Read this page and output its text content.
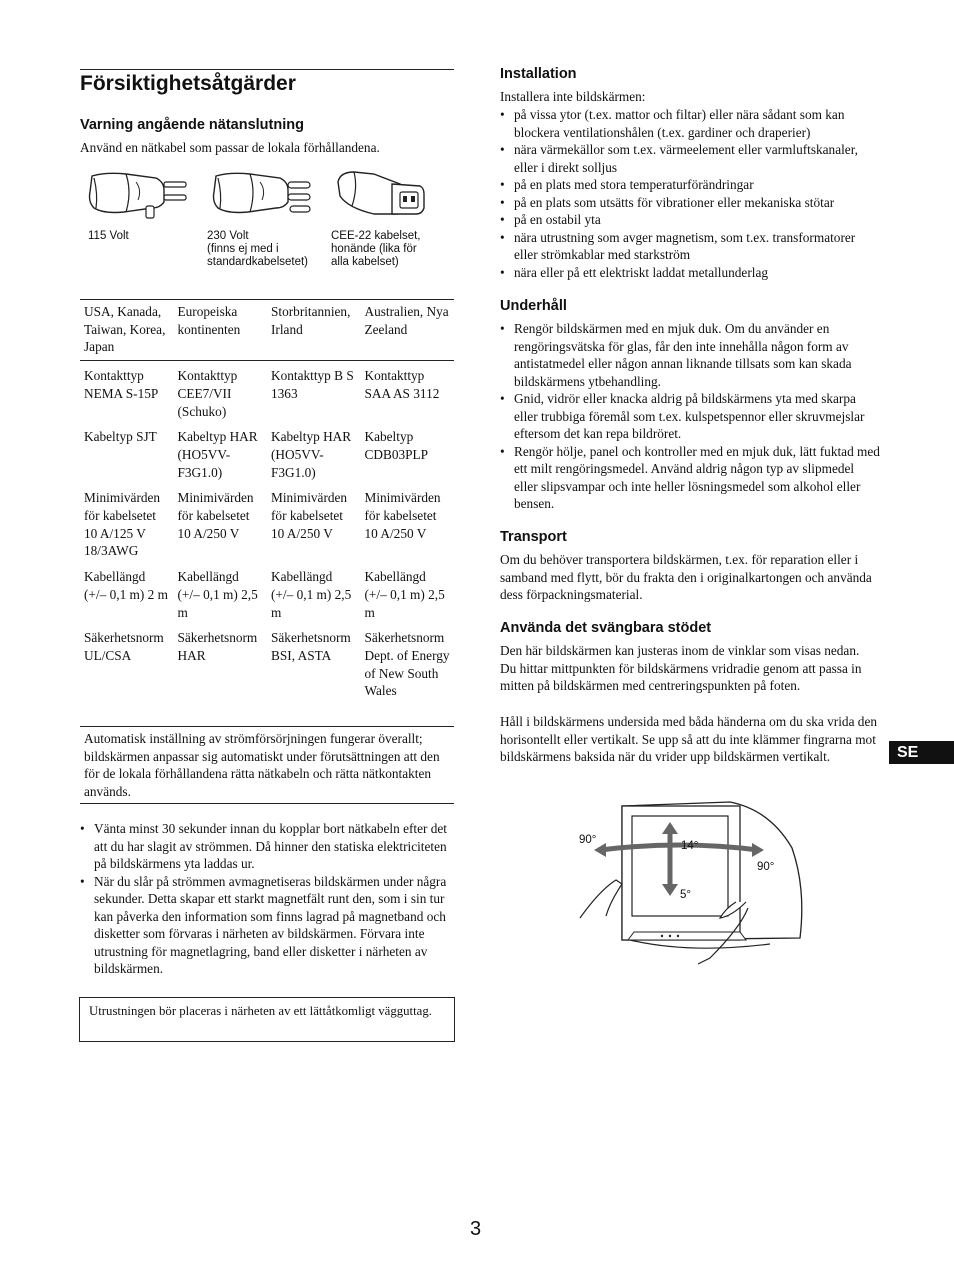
Försiktighetsåtgärder
Varning angående nätanslutning

Använd en nätkabel som passar de lokala förhållandena.

115 Volt	230 Volt
(finns ej med i
standardkabelsetet)
CEE-22 kabelset,
honände (lika för
alla kabelset)
USA, Kanada, Taiwan, Korea, Japan	Europeiska kontinenten	Storbritannien, Irland	Australien, Nya Zeeland
Kontakttyp NEMA S-15P	Kontakttyp CEE7/VII (Schuko)	Kontakttyp B S 1363	Kontakttyp SAA AS 3112
Kabeltyp SJT	Kabeltyp HAR (HO5VV-F3G1.0)	Kabeltyp HAR (HO5VV-F3G1.0)	Kabeltyp CDB03PLP
Minimivärden för kabelsetet 10 A/125 V 18/3AWG	Minimivärden för kabelsetet 10 A/250 V	Minimivärden för kabelsetet 10 A/250 V	Minimivärden för kabelsetet 10 A/250 V
Kabellängd (+/– 0,1 m) 2 m	Kabellängd (+/– 0,1 m) 2,5 m	Kabellängd (+/– 0,1 m) 2,5 m	Kabellängd (+/– 0,1 m) 2,5 m
Säkerhetsnorm UL/CSA	Säkerhetsnorm HAR	Säkerhetsnorm BSI, ASTA	Säkerhetsnorm Dept. of Energy of New South Wales

Automatisk inställning av strömförsörjningen fungerar överallt; bildskärmen anpassar sig automatiskt under förutsättningen att den för de lokala förhållandena rätta nätkabeln och rätta nätkontakten används.

• Vänta minst 30 sekunder innan du kopplar bort nätkabeln efter det att du har slagit av strömmen. Då hinner den statiska elektriciteten på bildskärmens yta laddas ur.
• När du slår på strömmen avmagnetiseras bildskärmen under några sekunder. Detta skapar ett starkt magnetfält runt den, som i sin tur kan påverka den information som finns lagrad på magnetband och disketter som förvaras i närheten av bildskärmen. Förvara inte utrustning för magnetlagring, band eller disketter i närheten av bildskärmen.

Utrustningen bör placeras i närheten av ett lättåtkomligt vägguttag.

Installation

Installera inte bildskärmen:

• på vissa ytor (t.ex. mattor och filtar) eller nära sådant som kan blockera ventilationshålen (t.ex. gardiner och draperier)
• nära värmekällor som t.ex. värmeelement eller varmluftskanaler, eller i direkt solljus
• på en plats med stora temperaturförändringar
• på en plats som utsätts för vibrationer eller mekaniska stötar
• på en ostabil yta
• nära utrustning som avger magnetism, som t.ex. transformatorer eller strömkablar med starkström
• nära eller på ett elektriskt laddat metallunderlag
Underhåll
• Rengör bildskärmen med en mjuk duk. Om du använder en rengöringsvätska för glas, får den inte innehålla någon form av antistatmedel eller någon annan liknande tillsats som kan skada bildskärmens ytbehandling.
• Gnid, vidrör eller knacka aldrig på bildskärmens yta med skarpa eller trubbiga föremål som t.ex. kulspetspennor eller skruvmejslar eftersom det kan repa bildröret.
• Rengör hölje, panel och kontroller med en mjuk duk, lätt fuktad med ett milt rengöringsmedel. Använd aldrig någon typ av slipmedel eller slipsvampar och inte heller lösningsmedel som alkohol eller bensen.
Transport

Om du behöver transportera bildskärmen, t.ex. för reparation eller i samband med flytt, bör du frakta den i originalkartongen och använda dess förpackningsmaterial.

Använda det svängbara stödet

Den här bildskärmen kan justeras inom de vinklar som visas nedan. Du hittar mittpunkten för bildskärmens vridradie genom att passa in mitten på bildskärmen med centreringspunkten på foten.

Håll i bildskärmens undersida med båda händerna om du ska vrida den horisontellt eller vertikalt. Se upp så att du inte klämmer fingrarna mot bildskärmens baksida när du vrider upp bildskärmen vertikalt.

90°	14°
90°
5°
SE
3
